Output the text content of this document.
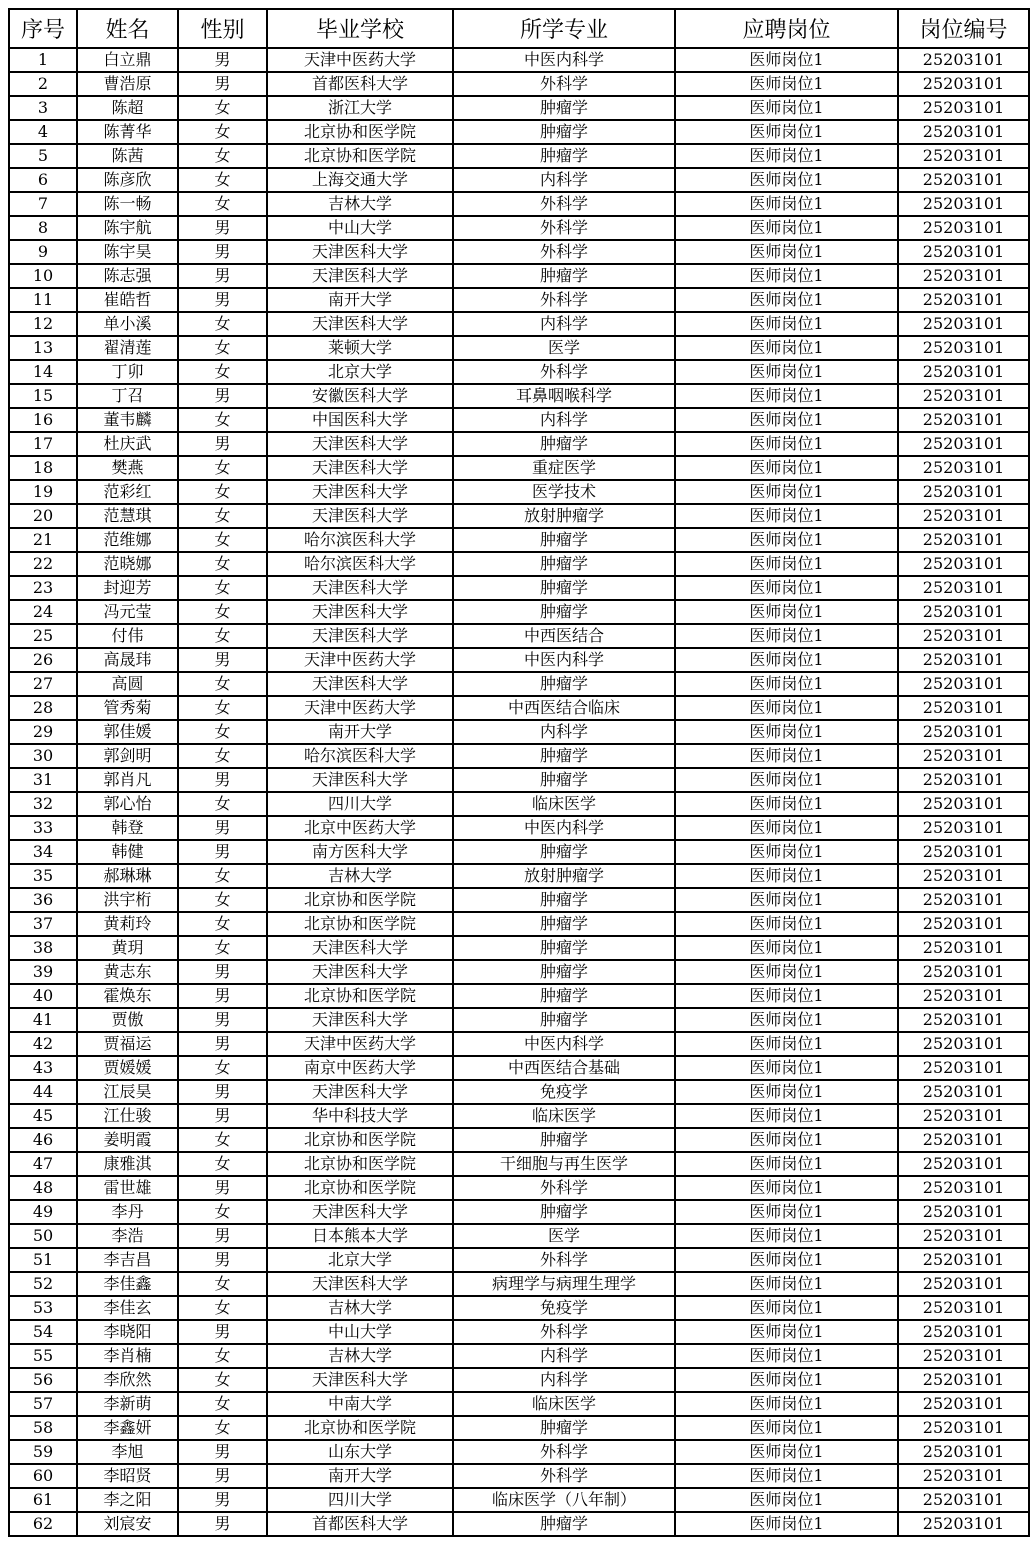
序号	姓名	性别	毕业学校	所学专业	应聘岗位	岗位编号
1	白立鼎	男	天津中医药大学	中医内科学	医师岗位1	25203101
2	曹浩原	男	首都医科大学	外科学	医师岗位1	25203101
3	陈超	女	浙江大学	肿瘤学	医师岗位1	25203101
4	陈菁华	女	北京协和医学院	肿瘤学	医师岗位1	25203101
5	陈茜	女	北京协和医学院	肿瘤学	医师岗位1	25203101
6	陈彦欣	女	上海交通大学	内科学	医师岗位1	25203101
7	陈一畅	女	吉林大学	外科学	医师岗位1	25203101
8	陈宇航	男	中山大学	外科学	医师岗位1	25203101
9	陈宇昊	男	天津医科大学	外科学	医师岗位1	25203101
10	陈志强	男	天津医科大学	肿瘤学	医师岗位1	25203101
11	崔皓哲	男	南开大学	外科学	医师岗位1	25203101
12	单小溪	女	天津医科大学	内科学	医师岗位1	25203101
13	翟清莲	女	莱顿大学	医学	医师岗位1	25203101
14	丁卯	女	北京大学	外科学	医师岗位1	25203101
15	丁召	男	安徽医科大学	耳鼻咽喉科学	医师岗位1	25203101
16	董韦麟	女	中国医科大学	内科学	医师岗位1	25203101
17	杜庆武	男	天津医科大学	肿瘤学	医师岗位1	25203101
18	樊燕	女	天津医科大学	重症医学	医师岗位1	25203101
19	范彩红	女	天津医科大学	医学技术	医师岗位1	25203101
20	范慧琪	女	天津医科大学	放射肿瘤学	医师岗位1	25203101
21	范维娜	女	哈尔滨医科大学	肿瘤学	医师岗位1	25203101
22	范晓娜	女	哈尔滨医科大学	肿瘤学	医师岗位1	25203101
23	封迎芳	女	天津医科大学	肿瘤学	医师岗位1	25203101
24	冯元莹	女	天津医科大学	肿瘤学	医师岗位1	25203101
25	付伟	女	天津医科大学	中西医结合	医师岗位1	25203101
26	高晟玮	男	天津中医药大学	中医内科学	医师岗位1	25203101
27	高圆	女	天津医科大学	肿瘤学	医师岗位1	25203101
28	管秀菊	女	天津中医药大学	中西医结合临床	医师岗位1	25203101
29	郭佳媛	女	南开大学	内科学	医师岗位1	25203101
30	郭剑明	女	哈尔滨医科大学	肿瘤学	医师岗位1	25203101
31	郭肖凡	男	天津医科大学	肿瘤学	医师岗位1	25203101
32	郭心怡	女	四川大学	临床医学	医师岗位1	25203101
33	韩登	男	北京中医药大学	中医内科学	医师岗位1	25203101
34	韩健	男	南方医科大学	肿瘤学	医师岗位1	25203101
35	郝琳琳	女	吉林大学	放射肿瘤学	医师岗位1	25203101
36	洪宇桁	女	北京协和医学院	肿瘤学	医师岗位1	25203101
37	黄莉玲	女	北京协和医学院	肿瘤学	医师岗位1	25203101
38	黄玥	女	天津医科大学	肿瘤学	医师岗位1	25203101
39	黄志东	男	天津医科大学	肿瘤学	医师岗位1	25203101
40	霍焕东	男	北京协和医学院	肿瘤学	医师岗位1	25203101
41	贾傲	男	天津医科大学	肿瘤学	医师岗位1	25203101
42	贾福运	男	天津中医药大学	中医内科学	医师岗位1	25203101
43	贾媛媛	女	南京中医药大学	中西医结合基础	医师岗位1	25203101
44	江辰昊	男	天津医科大学	免疫学	医师岗位1	25203101
45	江仕骏	男	华中科技大学	临床医学	医师岗位1	25203101
46	姜明霞	女	北京协和医学院	肿瘤学	医师岗位1	25203101
47	康雅淇	女	北京协和医学院	干细胞与再生医学	医师岗位1	25203101
48	雷世雄	男	北京协和医学院	外科学	医师岗位1	25203101
49	李丹	女	天津医科大学	肿瘤学	医师岗位1	25203101
50	李浩	男	日本熊本大学	医学	医师岗位1	25203101
51	李吉昌	男	北京大学	外科学	医师岗位1	25203101
52	李佳鑫	女	天津医科大学	病理学与病理生理学	医师岗位1	25203101
53	李佳玄	女	吉林大学	免疫学	医师岗位1	25203101
54	李晓阳	男	中山大学	外科学	医师岗位1	25203101
55	李肖楠	女	吉林大学	内科学	医师岗位1	25203101
56	李欣然	女	天津医科大学	内科学	医师岗位1	25203101
57	李新萌	女	中南大学	临床医学	医师岗位1	25203101
58	李鑫妍	女	北京协和医学院	肿瘤学	医师岗位1	25203101
59	李旭	男	山东大学	外科学	医师岗位1	25203101
60	李昭贤	男	南开大学	外科学	医师岗位1	25203101
61	李之阳	男	四川大学	临床医学（八年制）	医师岗位1	25203101
62	刘宸安	男	首都医科大学	肿瘤学	医师岗位1	25203101
